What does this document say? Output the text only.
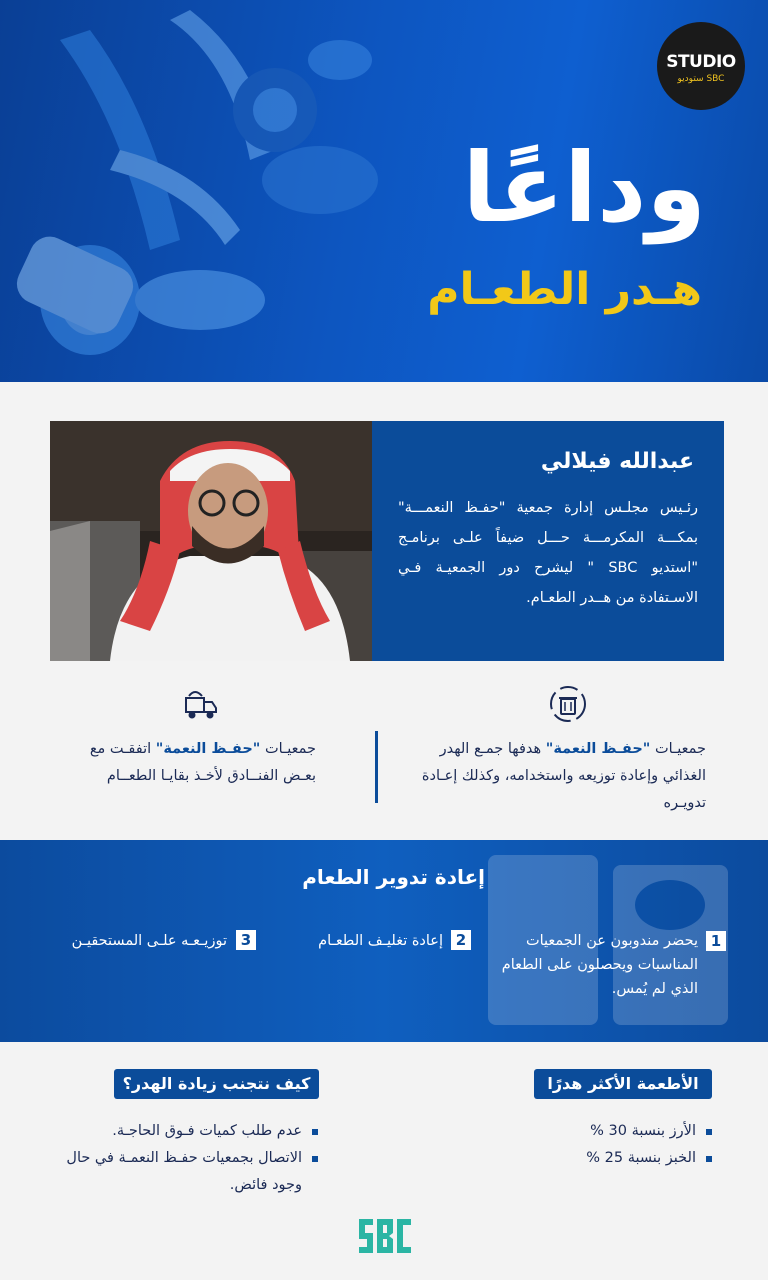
STUDIO
ستوديو SBC
وداعًا
هـدر الطعـام
عبدالله فيلالي
رئـيس مجلـس إدارة جمعية "حفـظ النعمـــة" بمكـــة المكرمـــة حـــل ضيفاً علـى برنامـج "استديو SBC " ليشرح دور الجمعيـة فـي الاسـتفادة من هــدر الطعـام.
جمعيـات "حفـظ النعمة" هدفها جمـع الهدر الغذائي وإعادة توزيعه واستخدامه، وكذلك إعـادة تدويـره
جمعيـات "حفـظ النعمة" اتفقـت مع بعـض الفنــادق لأخـذ بقايـا الطعــام
إعادة تدوير الطعام
1
يحضر مندوبون عن الجمعيات المناسبات ويحصلون على الطعام الذي لم يُمس.
2
إعادة تغليـف الطعـام
3
توزيـعـه علـى المستحقيـن
الأطعمة الأكثر هدرًا
الأرز بنسبة 30 %
الخبز بنسبة 25 %
كيف نتجنب زيادة الهدر؟
عدم طلب كميات فـوق الحاجـة.
الاتصال بجمعيات حفـظ النعمـة في حال وجود فائض.
